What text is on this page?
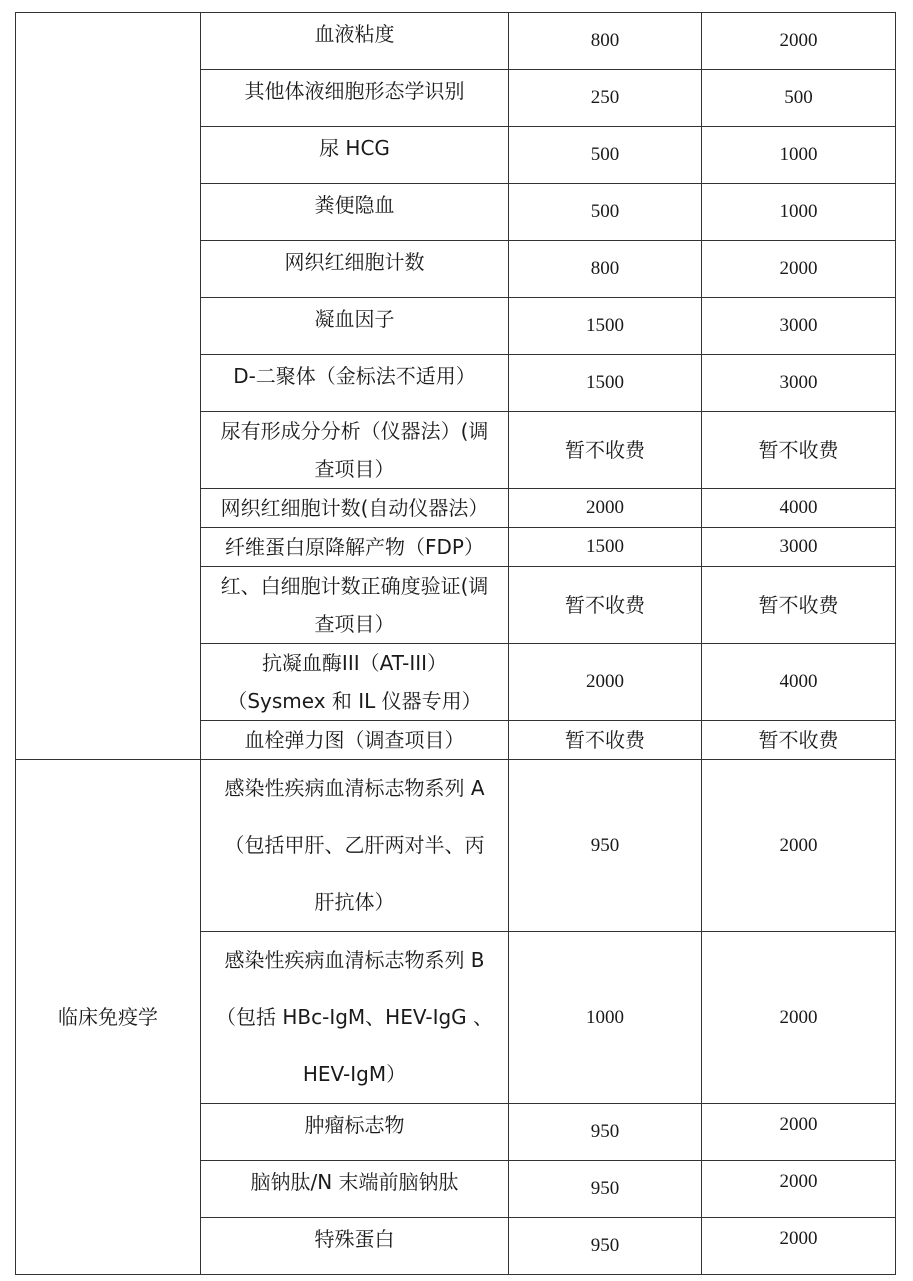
	血液粘度	800	2000

	其他体液细胞形态学识别	250	500

	尿 HCG	500	1000

	粪便隐血	500	1000

	网织红细胞计数	800	2000

	凝血因子	1500	3000

	D-二聚体（金标法不适用）	1500	3000

	尿有形成分分析（仪器法）(调
查项目）	暂不收费	暂不收费
	网织红细胞计数(自动仪器法）	2000	4000
	纤维蛋白原降解产物（FDP）	1500	3000

	红、白细胞计数正确度验证(调
查项目）	暂不收费	暂不收费

	抗凝血酶III（AT-III）
（Sysmex 和 IL 仪器专用）	2000	4000
	血栓弹力图（调查项目）	暂不收费	暂不收费
临床免疫学	感染性疾病血清标志物系列 A
（包括甲肝、乙肝两对半、丙
肝抗体）	950	2000

	感染性疾病血清标志物系列 B
（包括 HBc-IgM、HEV-IgG 、
HEV-IgM）	1000	2000

	肿瘤标志物	950	2000

	脑钠肽/N 末端前脑钠肽	950	2000

	特殊蛋白	950	2000
